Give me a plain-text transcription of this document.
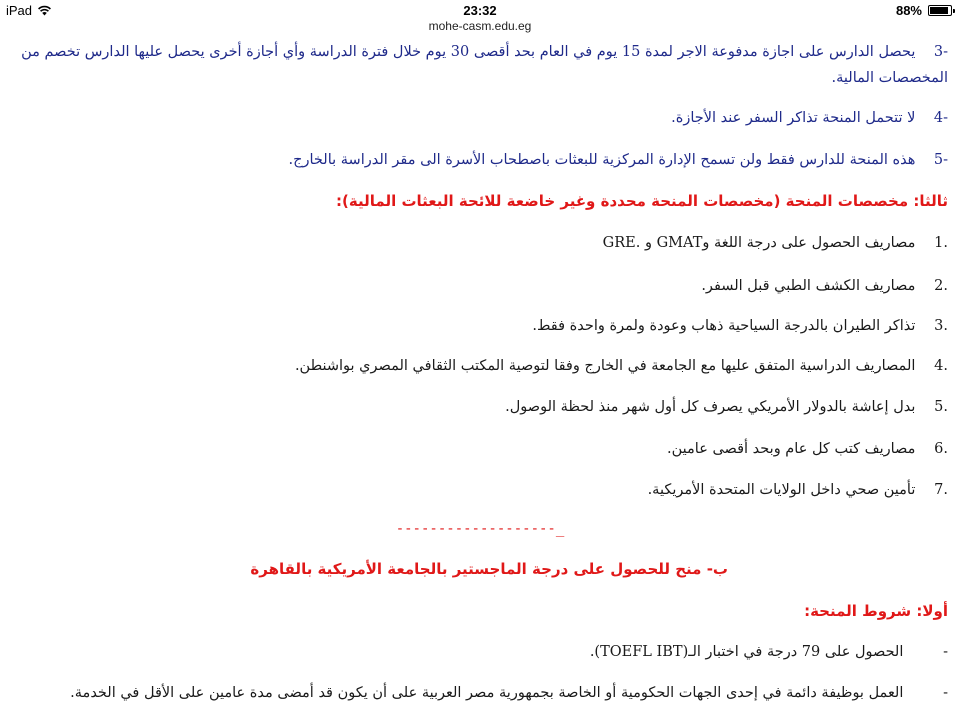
iPad	23:32	88%
mohe-casm.edu.eg
3- يحصل الدارس على اجازة مدفوعة الاجر لمدة 15 يوم في العام بحد أقصى 30 يوم خلال فترة الدراسة وأي أجازة أخرى يحصل عليها الدارس تخصم من المخصصات المالية.
4- لا تتحمل المنحة تذاكر السفر عند الأجازة.
5- هذه المنحة للدارس فقط ولن تسمح الإدارة المركزية للبعثات باصطحاب الأسرة الى مقر الدراسة بالخارج.
ثالثا: مخصصات المنحة (مخصصات المنحة محددة وغير خاضعة للائحة البعثات المالية):
1. مصاريف الحصول على درجة اللغة وGMAT و .GRE
2. مصاريف الكشف الطبي قبل السفر.
3. تذاكر الطيران بالدرجة السياحية ذهاب وعودة ولمرة واحدة فقط.
4. المصاريف الدراسية المتفق عليها مع الجامعة في الخارج وفقا لتوصية المكتب الثقافي المصري بواشنطن.
5. بدل إعاشة بالدولار الأمريكي يصرف كل أول شهر منذ لحظة الوصول.
6. مصاريف كتب كل عام وبحد أقصى عامين.
7. تأمين صحي داخل الولايات المتحدة الأمريكية.
-------------------_
ب- منح للحصول على درجة الماجستير بالجامعة الأمريكية بالقاهرة
أولا: شروط المنحة:
- الحصول على 79 درجة في اختبار الـ(TOEFL IBT).
- العمل بوظيفة دائمة في إحدى الجهات الحكومية أو الخاصة بجمهورية مصر العربية على أن يكون قد أمضى مدة عامين على الأقل في الخدمة.
